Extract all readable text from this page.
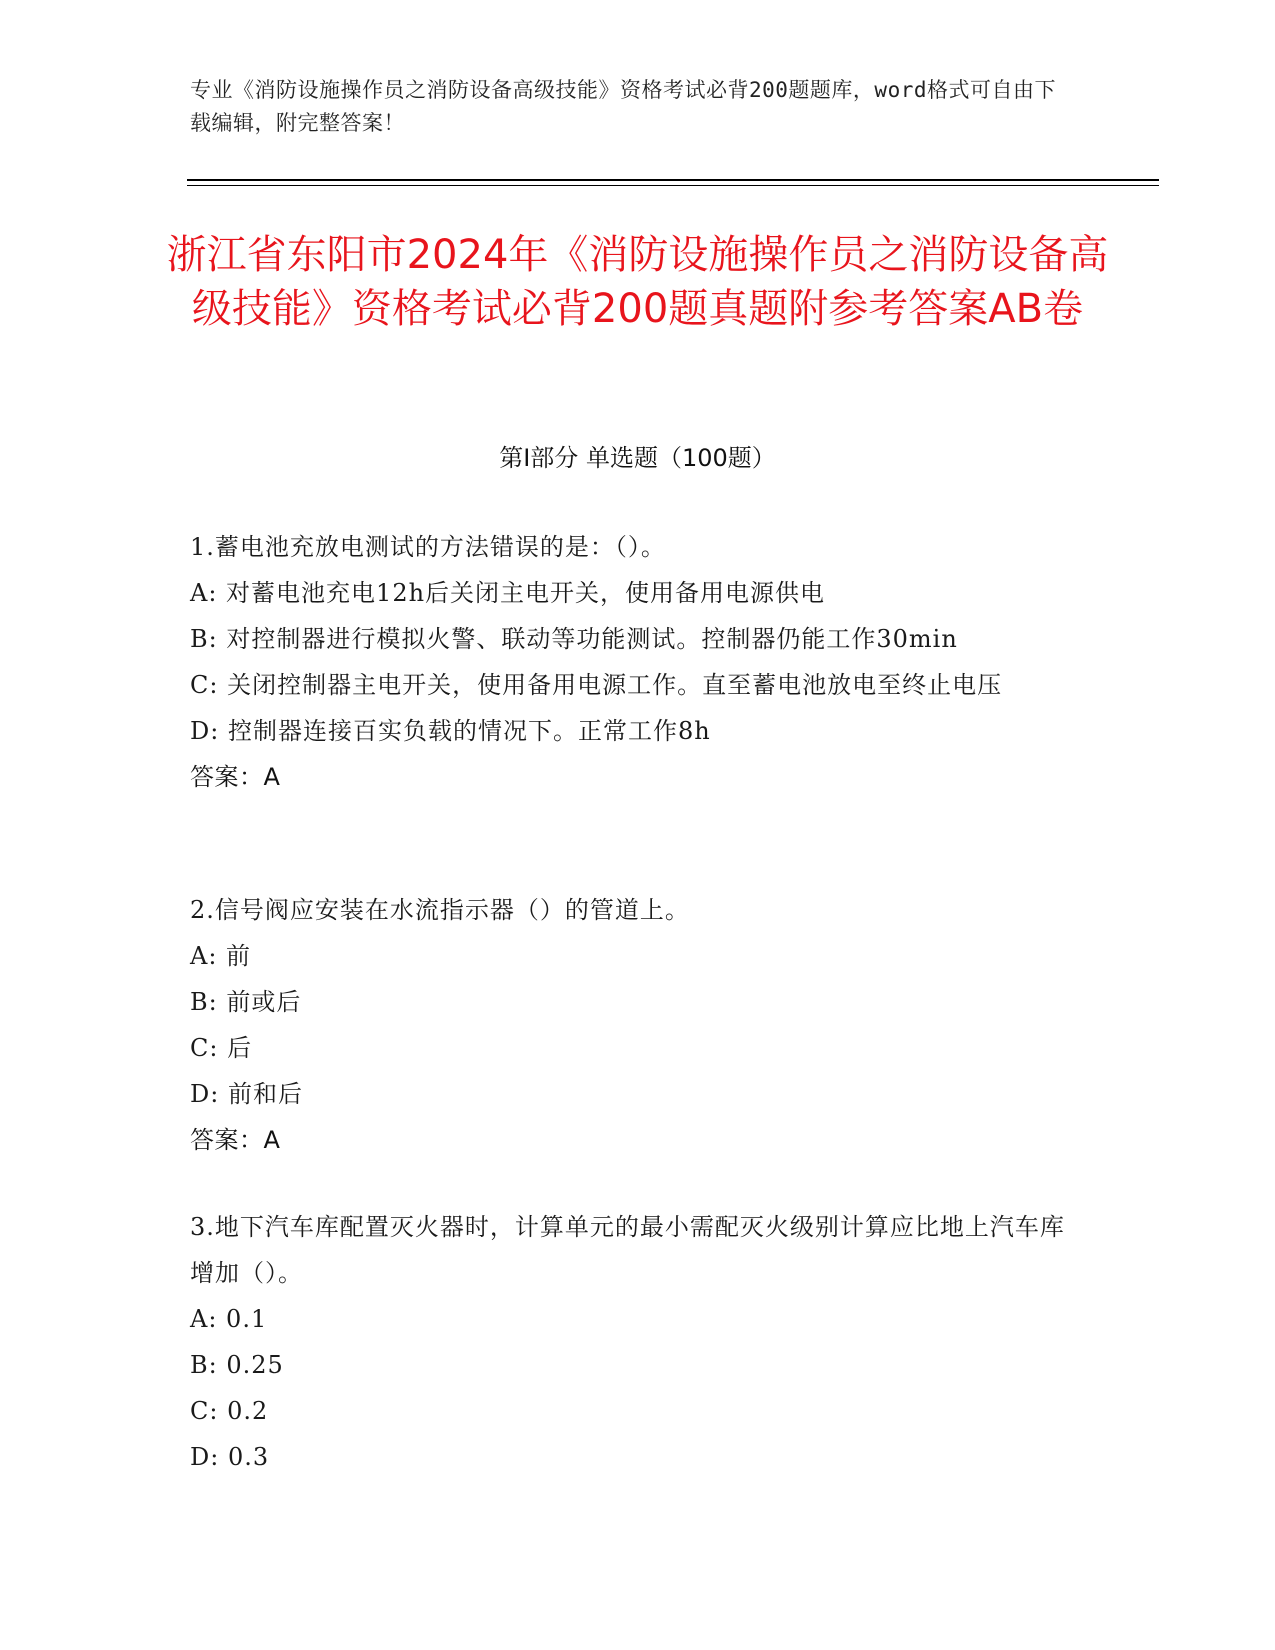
专业《消防设施操作员之消防设备高级技能》资格考试必背200题题库，word格式可自由下载编辑，附完整答案！
浙江省东阳市2024年《消防设施操作员之消防设备高级技能》资格考试必背200题真题附参考答案AB卷
第Ⅰ部分 单选题（100题）
1.蓄电池充放电测试的方法错误的是：（）。
A: 对蓄电池充电12h后关闭主电开关，使用备用电源供电
B: 对控制器进行模拟火警、联动等功能测试。控制器仍能工作30min
C: 关闭控制器主电开关，使用备用电源工作。直至蓄电池放电至终止电压
D: 控制器连接百实负载的情况下。正常工作8h
答案：A
2.信号阀应安装在水流指示器（）的管道上。
A: 前
B: 前或后
C: 后
D: 前和后
答案：A
3.地下汽车库配置灭火器时，计算单元的最小需配灭火级别计算应比地上汽车库增加（）。
A: 0.1
B: 0.25
C: 0.2
D: 0.3
